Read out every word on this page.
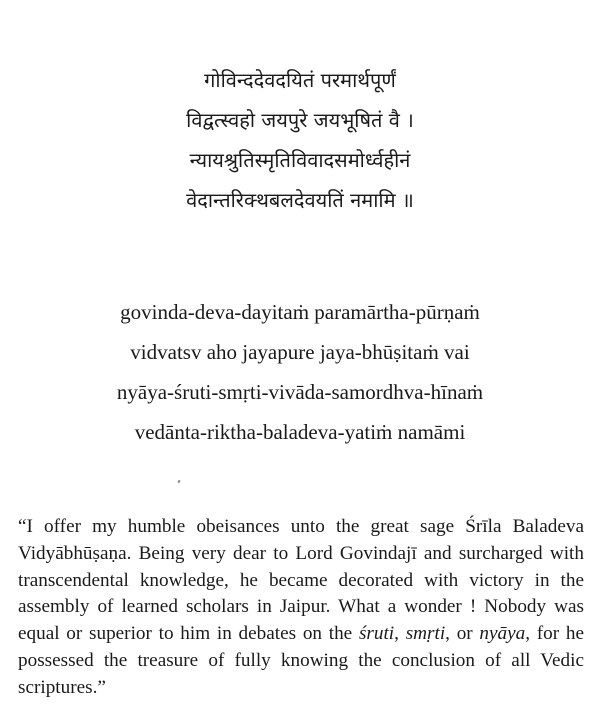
गोविन्ददेवदयितं परमार्थपूर्णं
विद्वत्स्वहो जयपुरे जयभूषितं वै ।
न्यायश्रुतिस्मृतिविवादसमोर्ध्वहीनं
वेदान्तरिक्थबलदेवयतिं नमामि ॥
govinda-deva-dayitaṁ paramārtha-pūrṇaṁ
vidvatsv aho jayapure jaya-bhūṣitaṁ vai
nyāya-śruti-smṛti-vivāda-samordhva-hīnaṁ
vedānta-riktha-baladeva-yatiṁ namāmi

“I offer my humble obeisances unto the great sage Śrīla Baladeva Vidyābhūṣaṇa. Being very dear to Lord Govindajī and surcharged with transcendental knowledge, he became decorated with victory in the assembly of learned scholars in Jaipur. What a wonder ! Nobody was equal or superior to him in debates on the śruti, smṛti, or nyāya, for he possessed the treasure of fully knowing the conclusion of all Vedic scriptures.”
